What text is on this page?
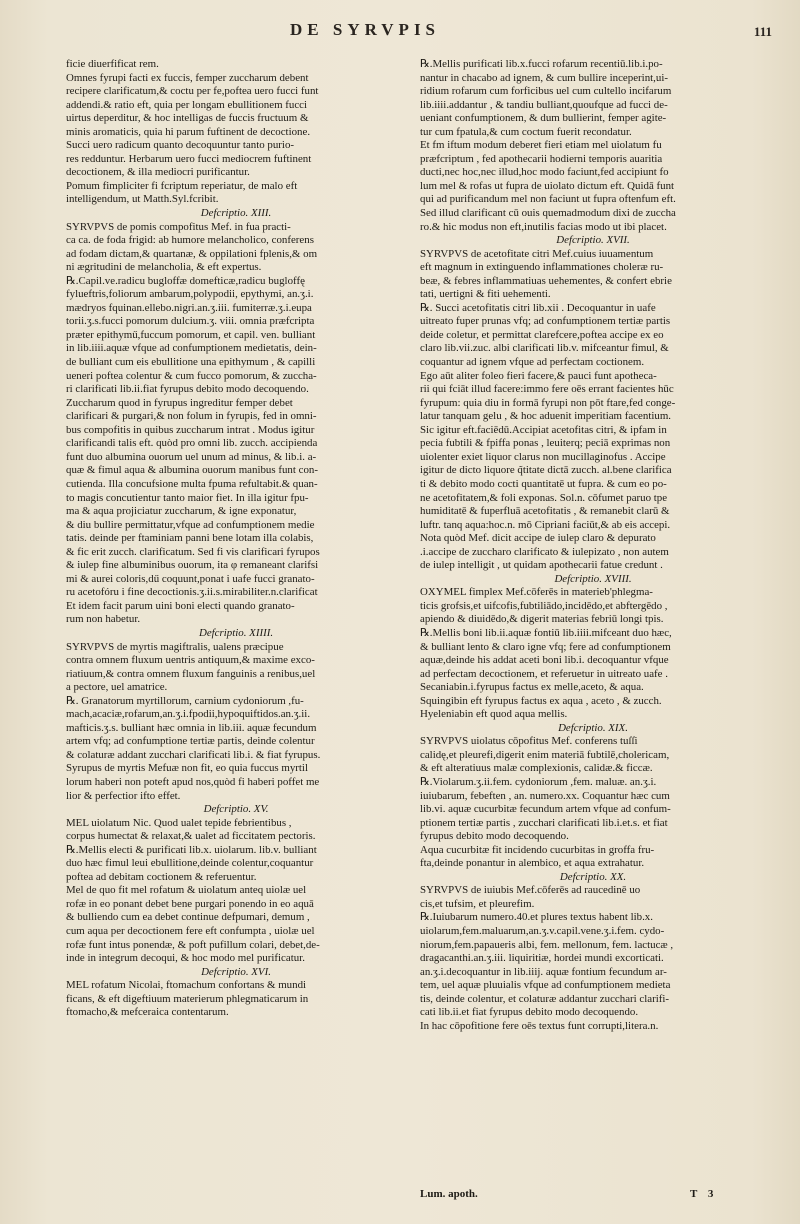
DE SYRVPIS	111
ficie diuerfificat rem.
Omnes fyrupi facti ex fuccis, femper zuccharum debent
recipere clarificatum,& coctu per fe,poftea uero fucci funt
addendi.& ratio eft, quia per longam ebullitionem fucci
uirtus deperditur, & hoc intelligas de fuccis fructuum &
minis aromaticis, quia hi parum fuftinent de decoctione.
Succi uero radicum quanto decoquuntur tanto purio-
res redduntur. Herbarum uero fucci mediocrem fuftinent
decoctionem, & illa mediocri purificantur.
Pomum fimpliciter fi fcriptum reperiatur, de malo eft
intelligendum, ut Matth.Syl.fcribit.
Defcriptio. XIII.
SYRVPVS de pomis compofitus Mef. in fua practi-
ca ca. de foda frigid: ab humore melancholico, conferens
ad fodam dictam,& quartanæ, & oppilationi fplenis,& om
ni ægritudini de melancholia, & eft expertus.
℞.Capil.ve.radicu bugloffæ domefticæ,radicu bugloffę
fylueftris,foliorum ambarum,polypodii, epythymi, an.ʒ.i.
mædryos fquinan.ellebo.nigri.an.ʒ.iii. fumiterræ.ʒ.i.eupa
torii.ʒ.s.fucci pomorum dulcium.ʒ. viii. omnia præfcripta
præter epithymű,fuccum pomorum, et capil. ven. bulliant
in lib.iiii.aquæ vfque ad confumptionem medietatis, dein-
de bulliant cum eis ebullitione una epithymum , & capilli
ueneri poftea colentur & cum fucco pomorum, & zuccha-
ri clarificati lib.ii.fiat fyrupus debito modo decoquendo.
Zuccharum quod in fyrupus ingreditur femper debet
clarificari & purgari,& non folum in fyrupis, fed in omni-
bus compofitis in quibus zuccharum intrat . Modus igitur
clarificandi talis eft. quòd pro omni lib. zucch. accipienda
funt duo albumina ouorum uel unum ad minus, & lib.i. a-
quæ & fimul aqua & albumina ouorum manibus funt con-
cutienda. Illa concufsione multa fpuma refultabit.& quan-
to magis concutientur tanto maior fiet. In illa igitur fpu-
ma & aqua projiciatur zuccharum, & igne exponatur,
& diu bullire permittatur,vfque ad confumptionem medie
tatis. deinde per ftaminiam panni bene lotam illa colabis,
& fic erit zucch. clarificatum. Sed fi vis clarificari fyrupos
& iulep fine albuminibus ouorum, ita φ remaneant clarifsi
mi & aurei coloris,dű coquunt,ponat i uafe fucci granato-
ru acetofóru i fine decoctionis.ʒ.ii.s.mirabiliter.n.clarificat
Et idem facit parum uini boni electi quando granato-
rum non habetur.
Defcriptio. XIIII.
SYRVPVS de myrtis magiftralis, ualens præcipue
contra omnem fluxum uentris antiquum,& maxime exco-
riatiuum,& contra omnem fluxum fanguinis a renibus,uel
a pectore, uel amatrice.
℞. Granatorum myrtillorum, carnium cydoniorum ,fu-
mach,acaciæ,rofarum,an.ʒ.i.fpodii,hypoquiftidos.an.ʒ.ii.
mafticis.ʒ.s. bulliant hæc omnia in lib.iii. aquæ fecundum
artem vfq; ad confumptione tertiæ partis, deinde colentur
& colaturæ addant zucchari clarificati lib.i. & fiat fyrupus.
Syrupus de myrtis Mefuæ non fit, eo quia fuccus myrtil
lorum haberi non poteft apud nos,quòd fi haberi poffet me
lior & perfectior ifto effet.
Defcriptio. XV.
MEL uiolatum Nic. Quod ualet tepide febrientibus ,
corpus humectat & relaxat,& ualet ad ficcitatem pectoris.
℞.Mellis electi & purificati lib.x. uiolarum. lib.v. bulliant
duo hæc fimul leui ebullitione,deinde colentur,coquantur
poftea ad debitam coctionem & referuentur.
Mel de quo fit mel rofatum & uiolatum anteq uiolæ uel
rofæ in eo ponant debet bene purgari ponendo in eo aquā
& bulliendo cum ea debet continue defpumari, demum ,
cum aqua per decoctionem fere eft confumpta , uiolæ uel
rofæ funt intus ponendæ, & poft pufillum colari, debet,de-
inde in integrum decoqui, & hoc modo mel purificatur.
Defcriptio. XVI.
MEL rofatum Nicolai, ftomachum confortans & mundi
ficans, & eft digeftiuum materierum phlegmaticarum in
ftomacho,& mefceraica contentarum.
℞.Mellis purificati lib.x.fucci rofarum recentiū.lib.i.po-
nantur in chacabo ad ignem, & cum bullire inceperint,ui-
ridium rofarum cum forficibus uel cum cultello incifarum
lib.iiii.addantur , & tandiu bulliant,quoufque ad fucci de-
ueniant confumptionem, & dum bullierint, femper agite-
tur cum fpatula,& cum coctum fuerit recondatur.
Et fm iftum modum deberet fieri etiam mel uiolatum fu
præfcriptum , fed apothecarii hodierni temporis auaritia
ducti,nec hoc,nec illud,hoc modo faciunt,fed accipiunt fo
lum mel & rofas ut fupra de uiolato dictum eft. Quidā funt
qui ad purificandum mel non faciunt ut fupra oftenfum eft.
Sed illud clarificant cū ouis quemadmodum dixi de zuccha
ro.& hic modus non eft,inutilis facias modo ut ibi placet.
Defcriptio. XVII.
SYRVPVS de acetofitate citri Mef.cuius iuuamentum
eft magnum in extinguendo inflammationes choleræ ru-
beæ, & febres inflammatiuas uehementes, & confert ebrie
tati, uertigni & fiti uehementi.
℞. Succi acetofitatis citri lib.xii . Decoquantur in uafe
uitreato fuper prunas vfq; ad confumptionem tertiæ partis
deide coletur, et permittat clarefcere,poftea accipe ex eo
claro lib.vii.zuc. albi clarificati lib.v. mifceantur fimul, &
coquantur ad ignem vfque ad perfectam coctionem.
Ego aūt aliter foleo fieri facere,& pauci funt apotheca-
rii qui fciāt illud facere:immo fere oēs errant facientes hūc
fyrupum: quia diu in formā fyrupi non pōt ftare,fed conge-
latur tanquam gelu , & hoc aduenit imperitiam facentium.
Sic igitur eft.faciēdū.Accipiat acetofitas citri, & ipfam in
pecia fubtili & fpiffa ponas , leuiterq; peciā exprimas non
uiolenter exiet liquor clarus non mucillaginofus . Accipe
igitur de dicto liquore q̃titate dictā zucch. al.bene clarifica
ti & debito modo cocti quantitatē ut fupra. & cum eo po-
ne acetofitatem,& foli exponas. Sol.n. cōfumet paruo tpe
humiditatē & fuperfluā acetofitatis , & remanebit clarū &
luftr. tanq aqua:hoc.n. mō Cipriani faciūt,& ab eis accepi.
Nota quòd Mef. dicit accipe de iulep claro & depurato
.i.accipe de zuccharo clarificato & iulepizato , non autem
de iulep intelligit , ut quidam apothecarii fatue credunt .
Defcriptio. XVIII.
OXYMEL fimplex Mef.cōferēs in materieb'phlegma-
ticis grofsis,et uifcofis,fubtiliādo,incidēdo,et abftergēdo ,
apiendo & diuidēdo,& digerit materias febriū longi tpis.
℞.Mellis boni lib.ii.aquæ fontiū lib.iiii.mifceant duo hæc,
& bulliant lento & claro igne vfq; fere ad confumptionem
aquæ,deinde his addat aceti boni lib.i. decoquantur vfque
ad perfectam decoctionem, et referuetur in uitreato uafe .
Secaniabin.i.fyrupus factus ex melle,aceto, & aqua.
Squingibin eft fyrupus factus ex aqua , aceto , & zucch.
Hyeleniabin eft quod aqua mellis.
Defcriptio. XIX.
SYRVPVS uiolatus cōpofitus Mef. conferens tuſſi
calidę,et pleurefi,digerit enim materiā fubtilē,cholericam,
& eft alteratiuus malæ complexionis, calidæ.& ficcæ.
℞.Violarum.ʒ.ii.fem. cydoniorum ,fem. maluæ. an.ʒ.i.
iuiubarum, febeften , an. numero.xx. Coquantur hæc cum
lib.vi. aquæ cucurbitæ fecundum artem vfque ad confum-
ptionem tertiæ partis , zucchari clarificati lib.i.et.s. et fiat
fyrupus debito modo decoquendo.
Aqua cucurbitæ fit incidendo cucurbitas in groffa fru-
fta,deinde ponantur in alembico, et aqua extrahatur.
Defcriptio. XX.
SYRVPVS de iuiubis Mef.cōferēs ad raucedinē uo
cis,et tufsim, et pleurefim.
℞.Iuiubarum numero.40.et plures textus habent lib.x.
uiolarum,fem.maluarum,an.ʒ.v.capil.vene.ʒ.i.fem. cydo-
niorum,fem.papaueris albi, fem. mellonum, fem. lactucæ ,
dragacanthi.an.ʒ.iii. liquiritiæ, hordei mundi excorticati.
an.ʒ.i.decoquantur in lib.iiij. aquæ fontium fecundum ar-
tem, uel aquæ pluuialis vfque ad confumptionem medieta
tis, deinde colentur, et colaturæ addantur zucchari clarifi-
cati lib.ii.et fiat fyrupus debito modo decoquendo.
In hac cōpofitione fere oēs textus funt corrupti,litera.n.
Lum. apoth.	T 3
